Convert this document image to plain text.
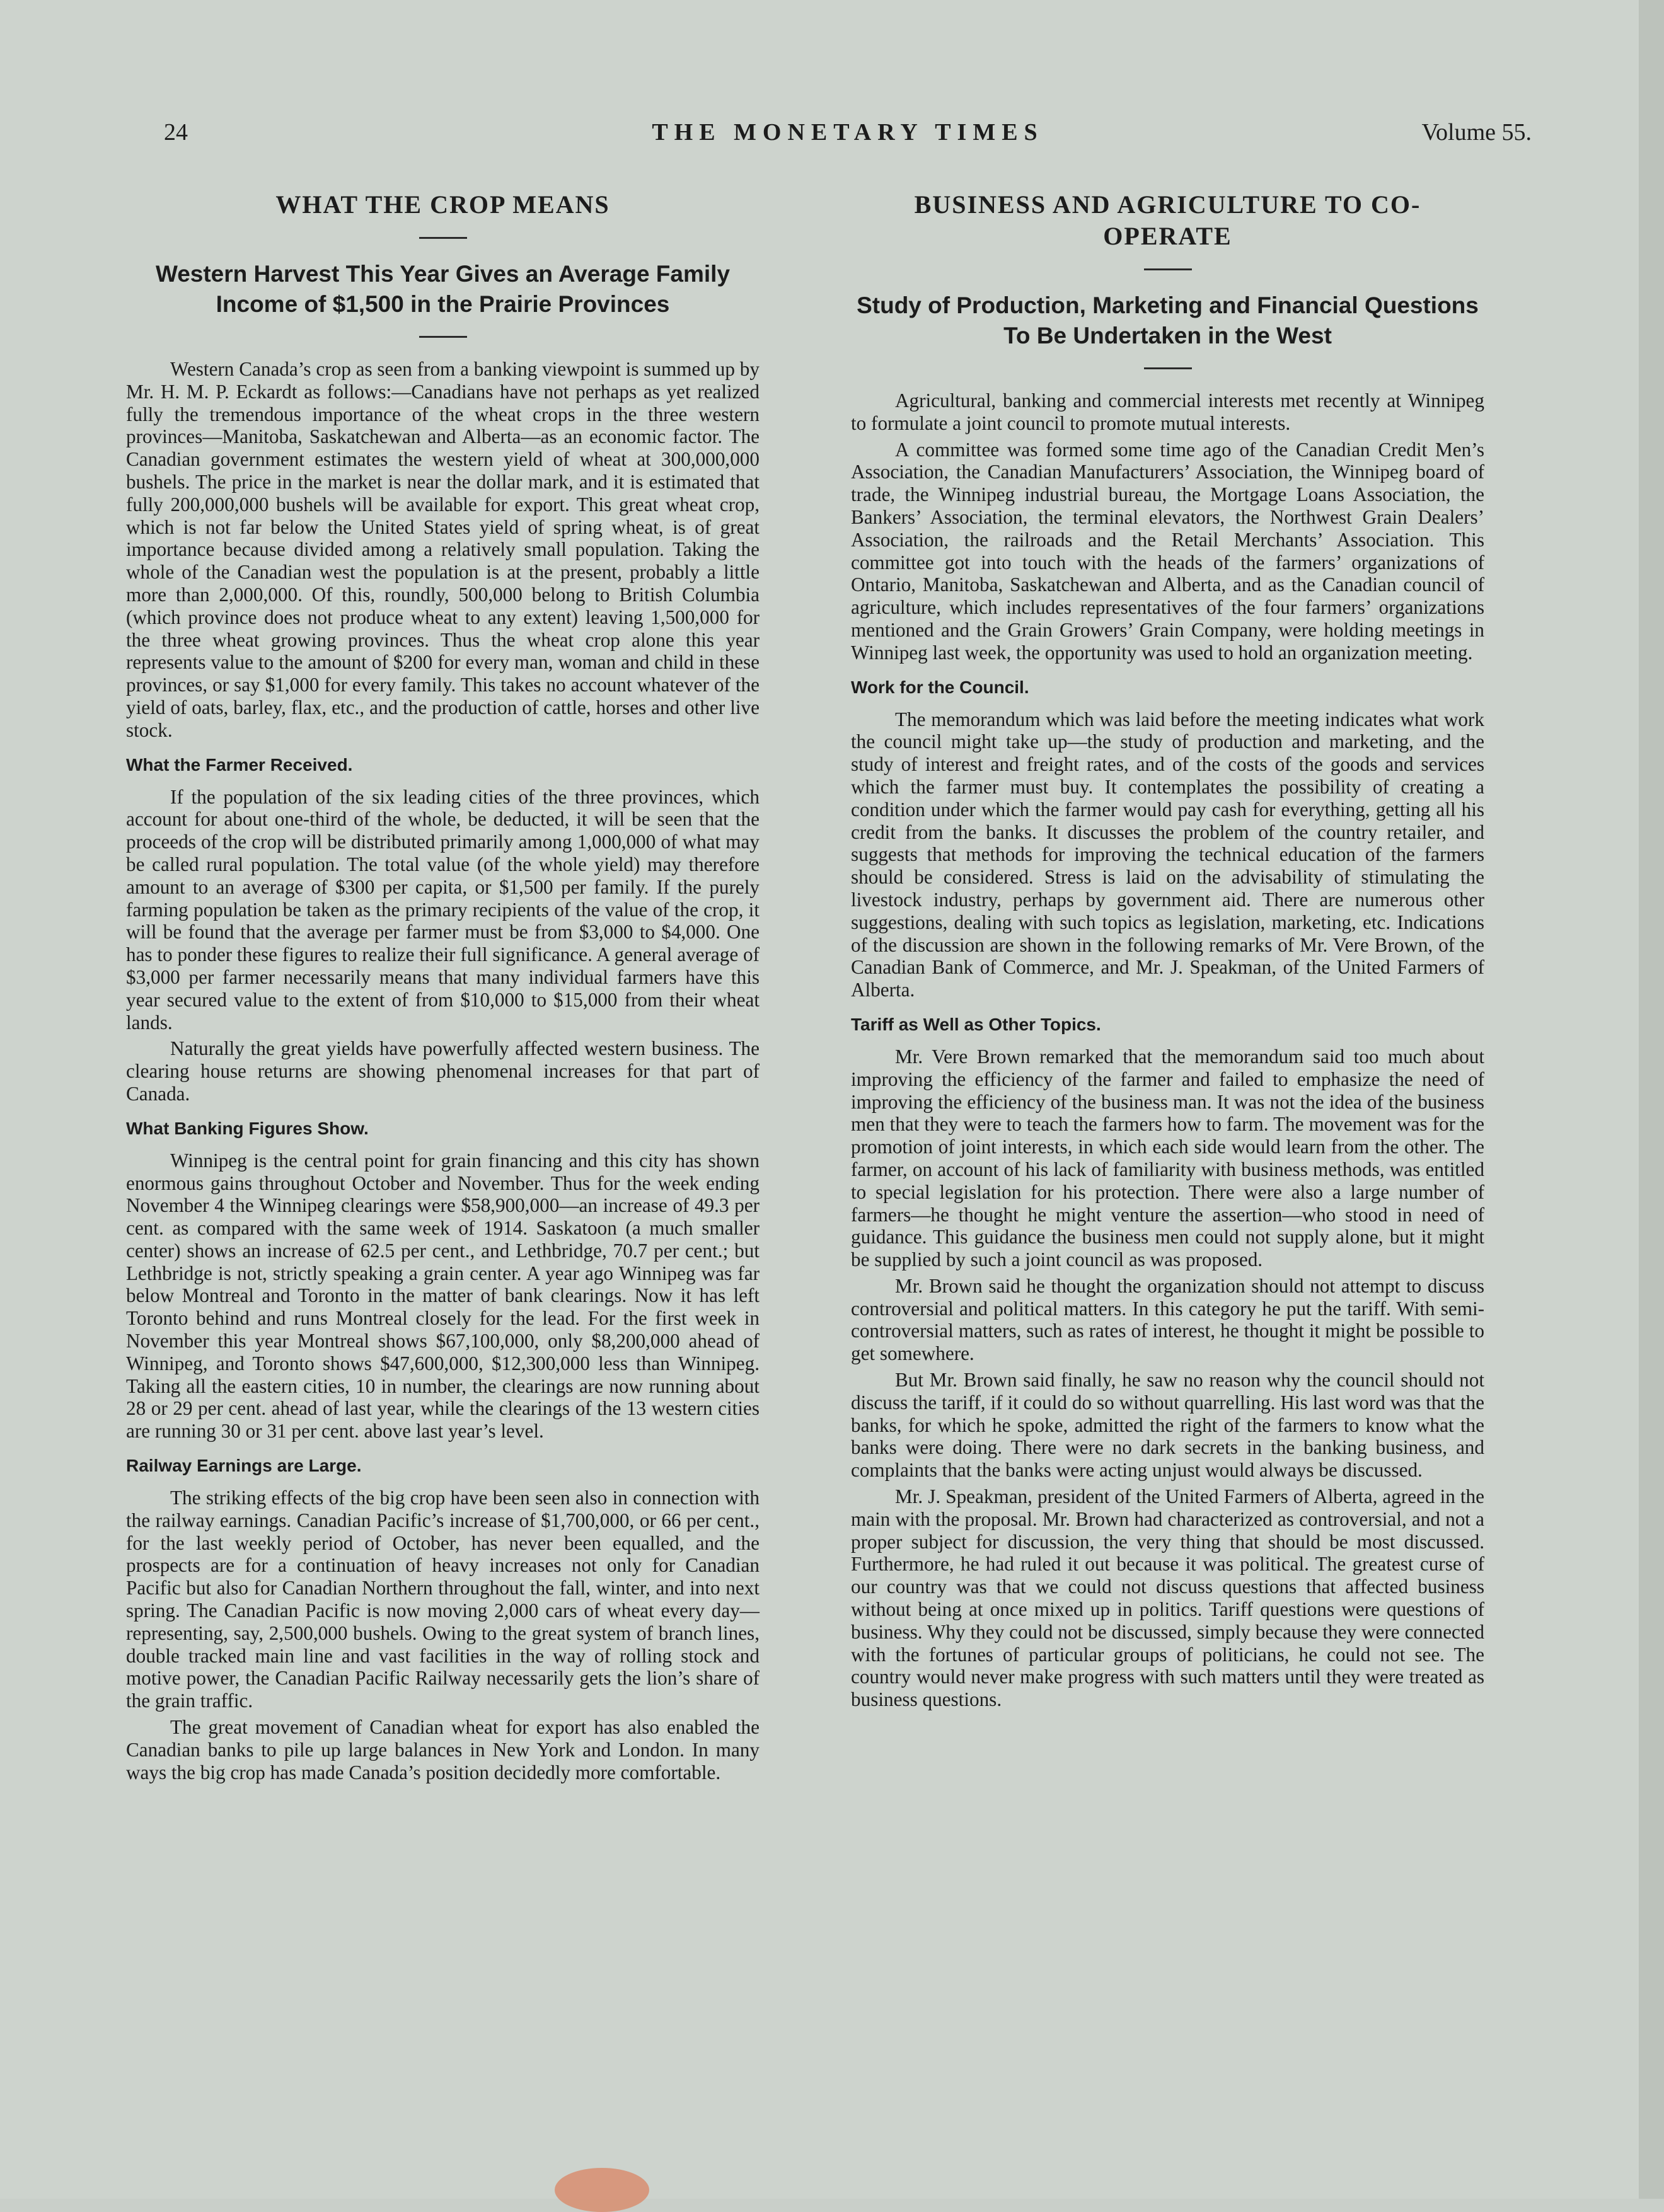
24	THE MONETARY TIMES	Volume 55.
WHAT THE CROP MEANS
Western Harvest This Year Gives an Average Family Income of $1,500 in the Prairie Provinces

Western Canada’s crop as seen from a banking viewpoint is summed up by Mr. H. M. P. Eckardt as follows:—Canadians have not perhaps as yet realized fully the tremendous importance of the wheat crops in the three western provinces—Manitoba, Saskatchewan and Alberta—as an economic factor. The Canadian government estimates the western yield of wheat at 300,000,000 bushels. The price in the market is near the dollar mark, and it is estimated that fully 200,000,000 bushels will be available for export. This great wheat crop, which is not far below the United States yield of spring wheat, is of great importance because divided among a relatively small population. Taking the whole of the Canadian west the population is at the present, probably a little more than 2,000,000. Of this, roundly, 500,000 belong to British Columbia (which province does not produce wheat to any extent) leaving 1,500,000 for the three wheat growing provinces. Thus the wheat crop alone this year represents value to the amount of $200 for every man, woman and child in these provinces, or say $1,000 for every family. This takes no account whatever of the yield of oats, barley, flax, etc., and the production of cattle, horses and other live stock.

What the Farmer Received.

If the population of the six leading cities of the three provinces, which account for about one-third of the whole, be deducted, it will be seen that the proceeds of the crop will be distributed primarily among 1,000,000 of what may be called rural population. The total value (of the whole yield) may therefore amount to an average of $300 per capita, or $1,500 per family. If the purely farming population be taken as the primary recipients of the value of the crop, it will be found that the average per farmer must be from $3,000 to $4,000. One has to ponder these figures to realize their full significance. A general average of $3,000 per farmer necessarily means that many individual farmers have this year secured value to the extent of from $10,000 to $15,000 from their wheat lands.

Naturally the great yields have powerfully affected western business. The clearing house returns are showing phenomenal increases for that part of Canada.

What Banking Figures Show.

Winnipeg is the central point for grain financing and this city has shown enormous gains throughout October and November. Thus for the week ending November 4 the Winnipeg clearings were $58,900,000—an increase of 49.3 per cent. as compared with the same week of 1914. Saskatoon (a much smaller center) shows an increase of 62.5 per cent., and Lethbridge, 70.7 per cent.; but Lethbridge is not, strictly speaking a grain center. A year ago Winnipeg was far below Montreal and Toronto in the matter of bank clearings. Now it has left Toronto behind and runs Montreal closely for the lead. For the first week in November this year Montreal shows $67,100,000, only $8,200,000 ahead of Winnipeg, and Toronto shows $47,600,000, $12,300,000 less than Winnipeg. Taking all the eastern cities, 10 in number, the clearings are now running about 28 or 29 per cent. ahead of last year, while the clearings of the 13 western cities are running 30 or 31 per cent. above last year’s level.

Railway Earnings are Large.

The striking effects of the big crop have been seen also in connection with the railway earnings. Canadian Pacific’s increase of $1,700,000, or 66 per cent., for the last weekly period of October, has never been equalled, and the prospects are for a continuation of heavy increases not only for Canadian Pacific but also for Canadian Northern throughout the fall, winter, and into next spring. The Canadian Pacific is now moving 2,000 cars of wheat every day—representing, say, 2,500,000 bushels. Owing to the great system of branch lines, double tracked main line and vast facilities in the way of rolling stock and motive power, the Canadian Pacific Railway necessarily gets the lion’s share of the grain traffic.

The great movement of Canadian wheat for export has also enabled the Canadian banks to pile up large balances in New York and London. In many ways the big crop has made Canada’s position decidedly more comfortable.

BUSINESS AND AGRICULTURE TO CO-OPERATE
Study of Production, Marketing and Financial Questions To Be Undertaken in the West

Agricultural, banking and commercial interests met recently at Winnipeg to formulate a joint council to promote mutual interests.

A committee was formed some time ago of the Canadian Credit Men’s Association, the Canadian Manufacturers’ Association, the Winnipeg board of trade, the Winnipeg industrial bureau, the Mortgage Loans Association, the Bankers’ Association, the terminal elevators, the Northwest Grain Dealers’ Association, the railroads and the Retail Merchants’ Association. This committee got into touch with the heads of the farmers’ organizations of Ontario, Manitoba, Saskatchewan and Alberta, and as the Canadian council of agriculture, which includes representatives of the four farmers’ organizations mentioned and the Grain Growers’ Grain Company, were holding meetings in Winnipeg last week, the opportunity was used to hold an organization meeting.

Work for the Council.

The memorandum which was laid before the meeting indicates what work the council might take up—the study of production and marketing, and the study of interest and freight rates, and of the costs of the goods and services which the farmer must buy. It contemplates the possibility of creating a condition under which the farmer would pay cash for everything, getting all his credit from the banks. It discusses the problem of the country retailer, and suggests that methods for improving the technical education of the farmers should be considered. Stress is laid on the advisability of stimulating the livestock industry, perhaps by government aid. There are numerous other suggestions, dealing with such topics as legislation, marketing, etc. Indications of the discussion are shown in the following remarks of Mr. Vere Brown, of the Canadian Bank of Commerce, and Mr. J. Speakman, of the United Farmers of Alberta.

Tariff as Well as Other Topics.

Mr. Vere Brown remarked that the memorandum said too much about improving the efficiency of the farmer and failed to emphasize the need of improving the efficiency of the business man. It was not the idea of the business men that they were to teach the farmers how to farm. The movement was for the promotion of joint interests, in which each side would learn from the other. The farmer, on account of his lack of familiarity with business methods, was entitled to special legislation for his protection. There were also a large number of farmers—he thought he might venture the assertion—who stood in need of guidance. This guidance the business men could not supply alone, but it might be supplied by such a joint council as was proposed.

Mr. Brown said he thought the organization should not attempt to discuss controversial and political matters. In this category he put the tariff. With semi-controversial matters, such as rates of interest, he thought it might be possible to get somewhere.

But Mr. Brown said finally, he saw no reason why the council should not discuss the tariff, if it could do so without quarrelling. His last word was that the banks, for which he spoke, admitted the right of the farmers to know what the banks were doing. There were no dark secrets in the banking business, and complaints that the banks were acting unjust would always be discussed.

Mr. J. Speakman, president of the United Farmers of Alberta, agreed in the main with the proposal. Mr. Brown had characterized as controversial, and not a proper subject for discussion, the very thing that should be most discussed. Furthermore, he had ruled it out because it was political. The greatest curse of our country was that we could not discuss questions that affected business without being at once mixed up in politics. Tariff questions were questions of business. Why they could not be discussed, simply because they were connected with the fortunes of particular groups of politicians, he could not see. The country would never make progress with such matters until they were treated as business questions.
